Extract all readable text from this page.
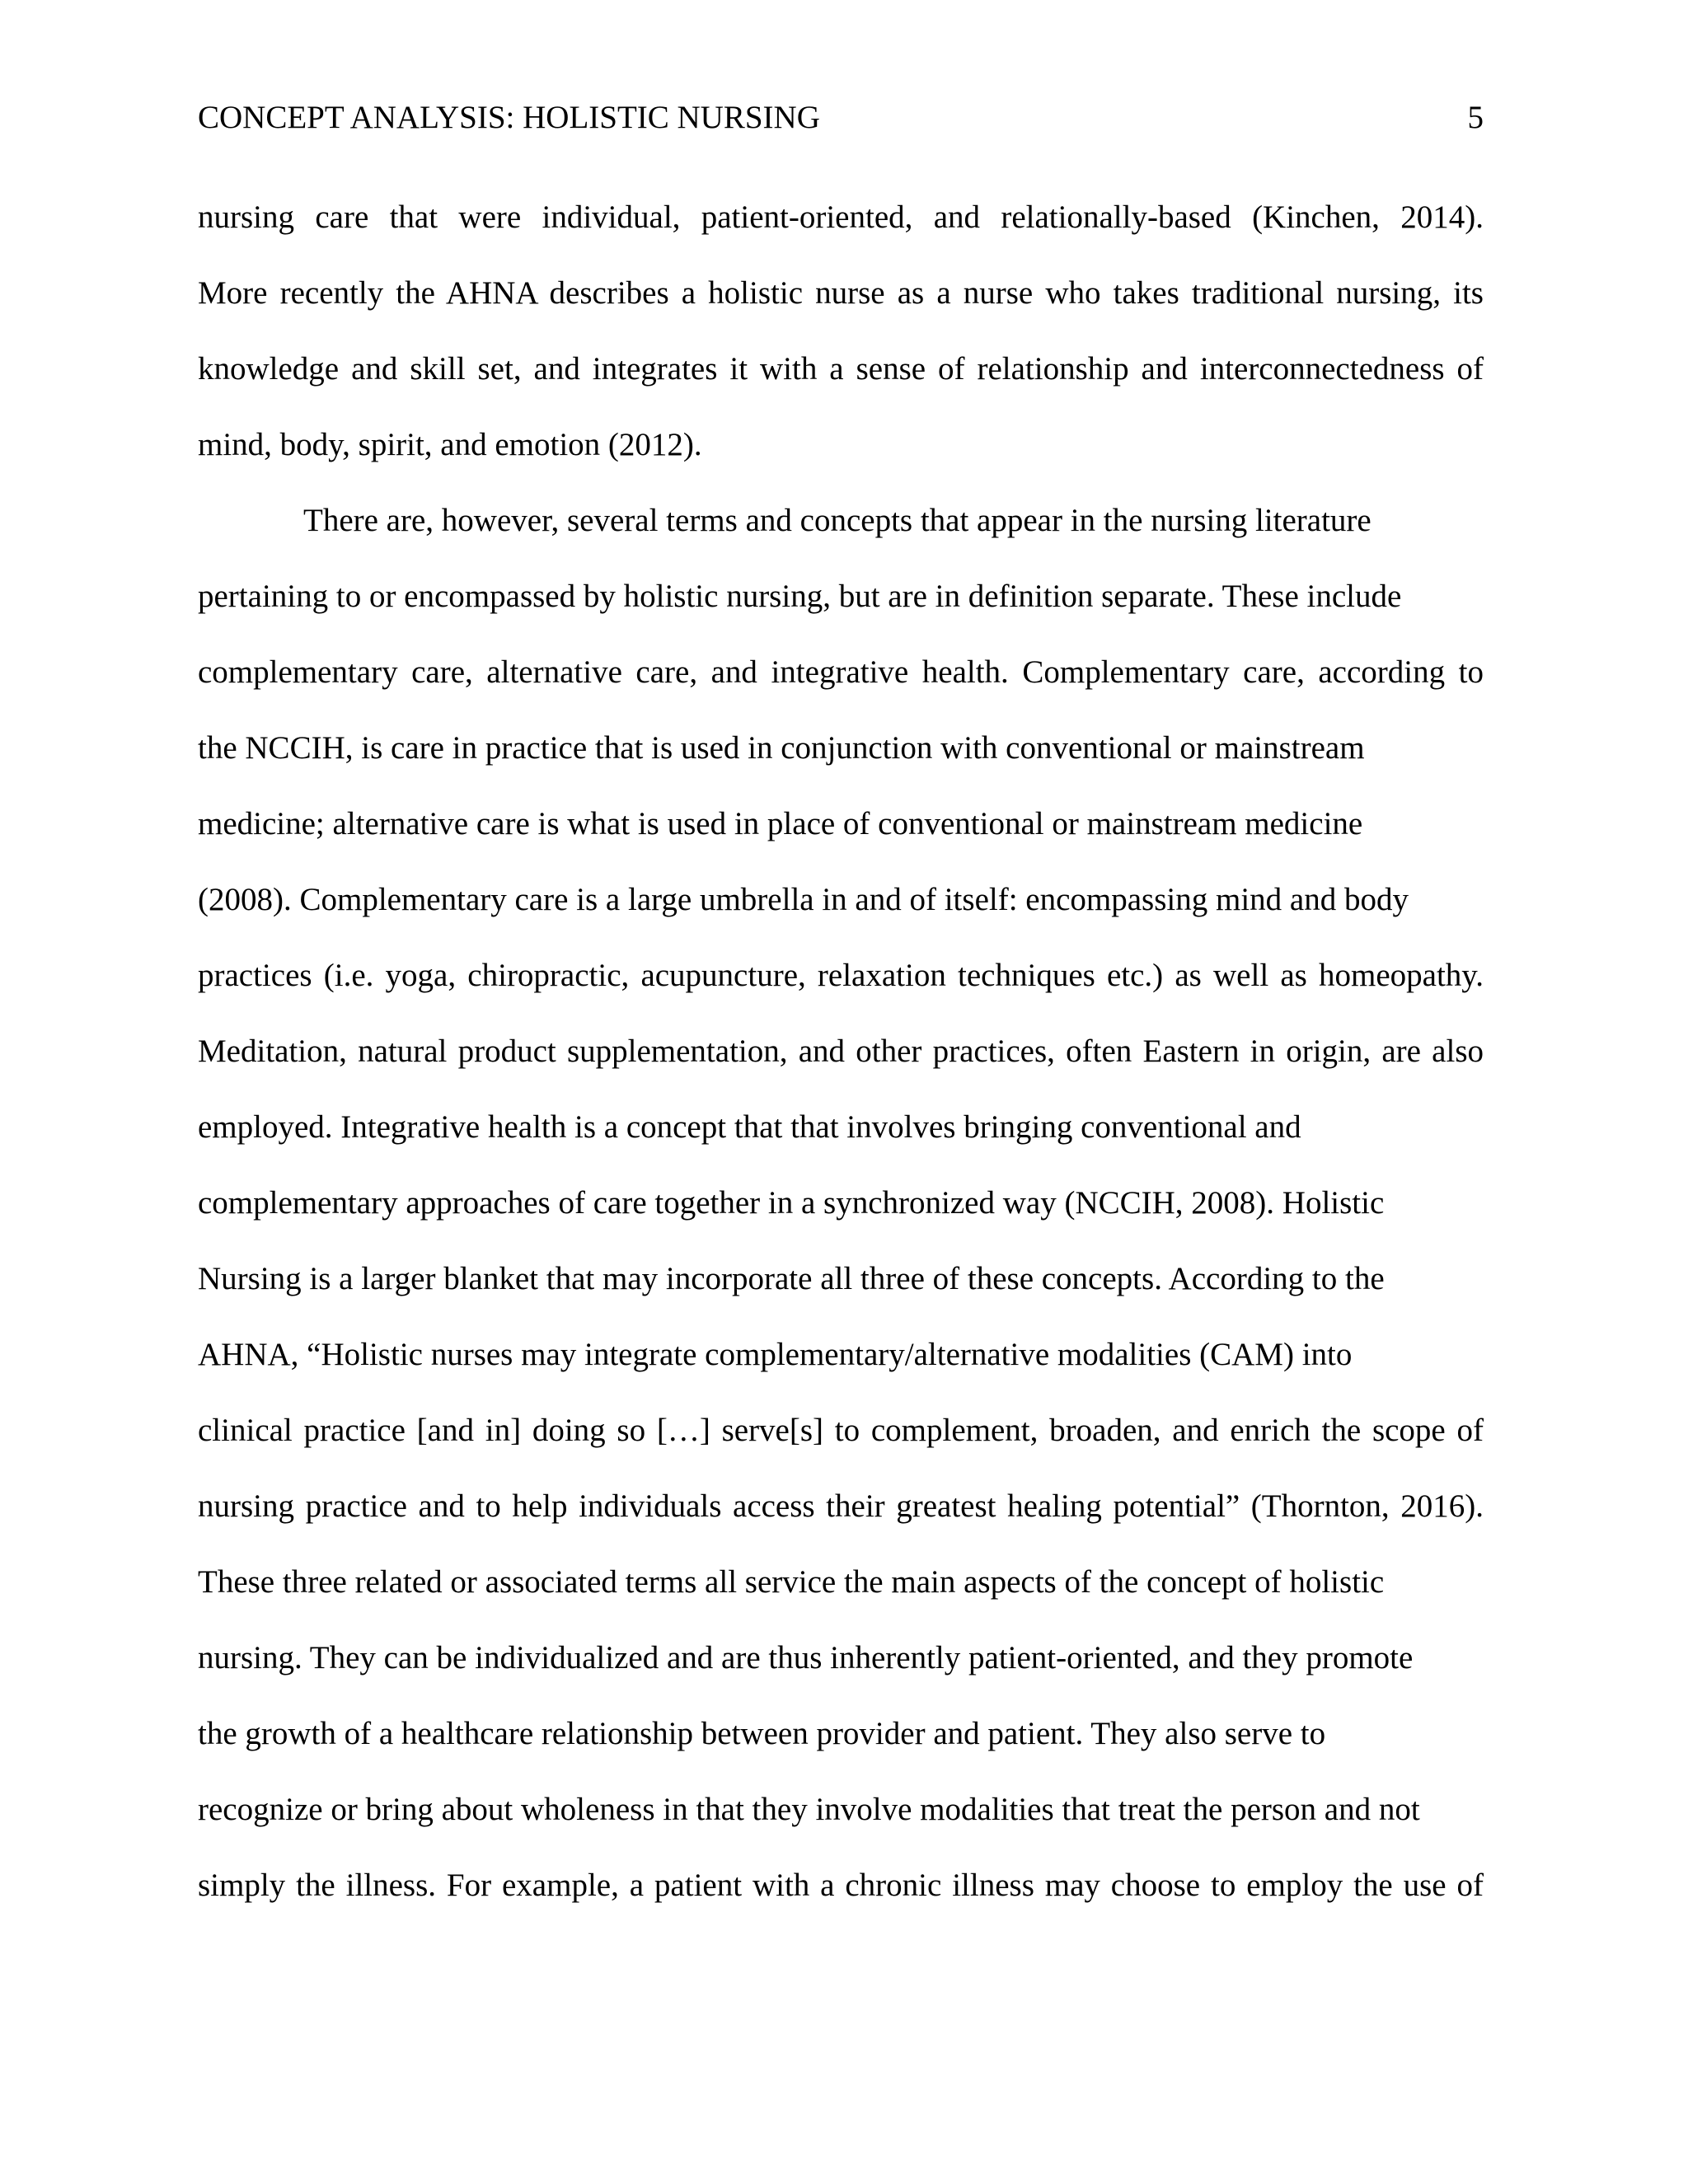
CONCEPT ANALYSIS: HOLISTIC NURSING	5
nursing care that were individual, patient-oriented, and relationally-based (Kinchen, 2014).
More recently the AHNA describes a holistic nurse as a nurse who takes traditional nursing, its
knowledge and skill set, and integrates it with a sense of relationship and interconnectedness of
mind, body, spirit, and emotion (2012).
There are, however, several terms and concepts that appear in the nursing literature
pertaining to or encompassed by holistic nursing, but are in definition separate. These include
complementary care, alternative care, and integrative health. Complementary care, according to
the NCCIH, is care in practice that is used in conjunction with conventional or mainstream
medicine; alternative care is what is used in place of conventional or mainstream medicine
(2008). Complementary care is a large umbrella in and of itself: encompassing mind and body
practices (i.e. yoga, chiropractic, acupuncture, relaxation techniques etc.) as well as homeopathy.
Meditation, natural product supplementation, and other practices, often Eastern in origin, are also
employed. Integrative health is a concept that that involves bringing conventional and
complementary approaches of care together in a synchronized way (NCCIH, 2008). Holistic
Nursing is a larger blanket that may incorporate all three of these concepts. According to the
AHNA, “Holistic nurses may integrate complementary/alternative modalities (CAM) into
clinical practice [and in] doing so […] serve[s] to complement, broaden, and enrich the scope of
nursing practice and to help individuals access their greatest healing potential” (Thornton, 2016).
These three related or associated terms all service the main aspects of the concept of holistic
nursing. They can be individualized and are thus inherently patient-oriented, and they promote
the growth of a healthcare relationship between provider and patient. They also serve to
recognize or bring about wholeness in that they involve modalities that treat the person and not
simply the illness. For example, a patient with a chronic illness may choose to employ the use of
